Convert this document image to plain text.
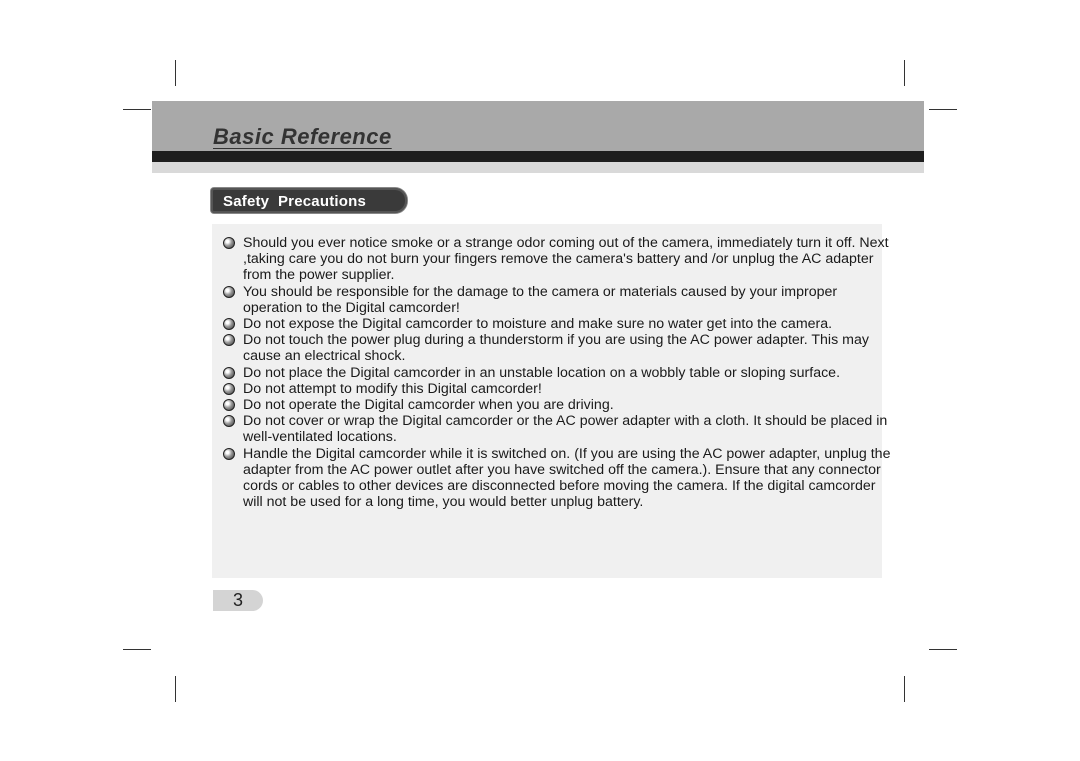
Basic Reference
Safety  Precautions
Should you ever notice smoke or a strange odor coming out of the camera, immediately turn it off. Next ,taking care you do not burn your fingers remove the camera's battery and /or unplug the AC adapter from the power supplier.
You should be responsible for the damage to the camera or materials caused by your improper operation to the Digital camcorder!
Do not expose the Digital camcorder to moisture and make sure no water get into the camera.
Do not touch the power plug during a thunderstorm if you are using the AC power adapter. This may cause an electrical shock.
Do not place the Digital camcorder in an unstable location on a wobbly table or sloping surface.
Do not attempt to modify this Digital camcorder!
Do not operate the Digital camcorder when you are driving.
Do not cover or wrap the Digital camcorder or the AC power adapter with a cloth. It should be placed in well-ventilated locations.
Handle the Digital camcorder while it is switched on. (If you are using the AC power adapter, unplug the adapter from the AC power outlet after you have switched off the camera.). Ensure that any connector cords or cables to other devices are disconnected before moving the camera. If the digital camcorder will not be used for a long time, you would better unplug battery.
3
